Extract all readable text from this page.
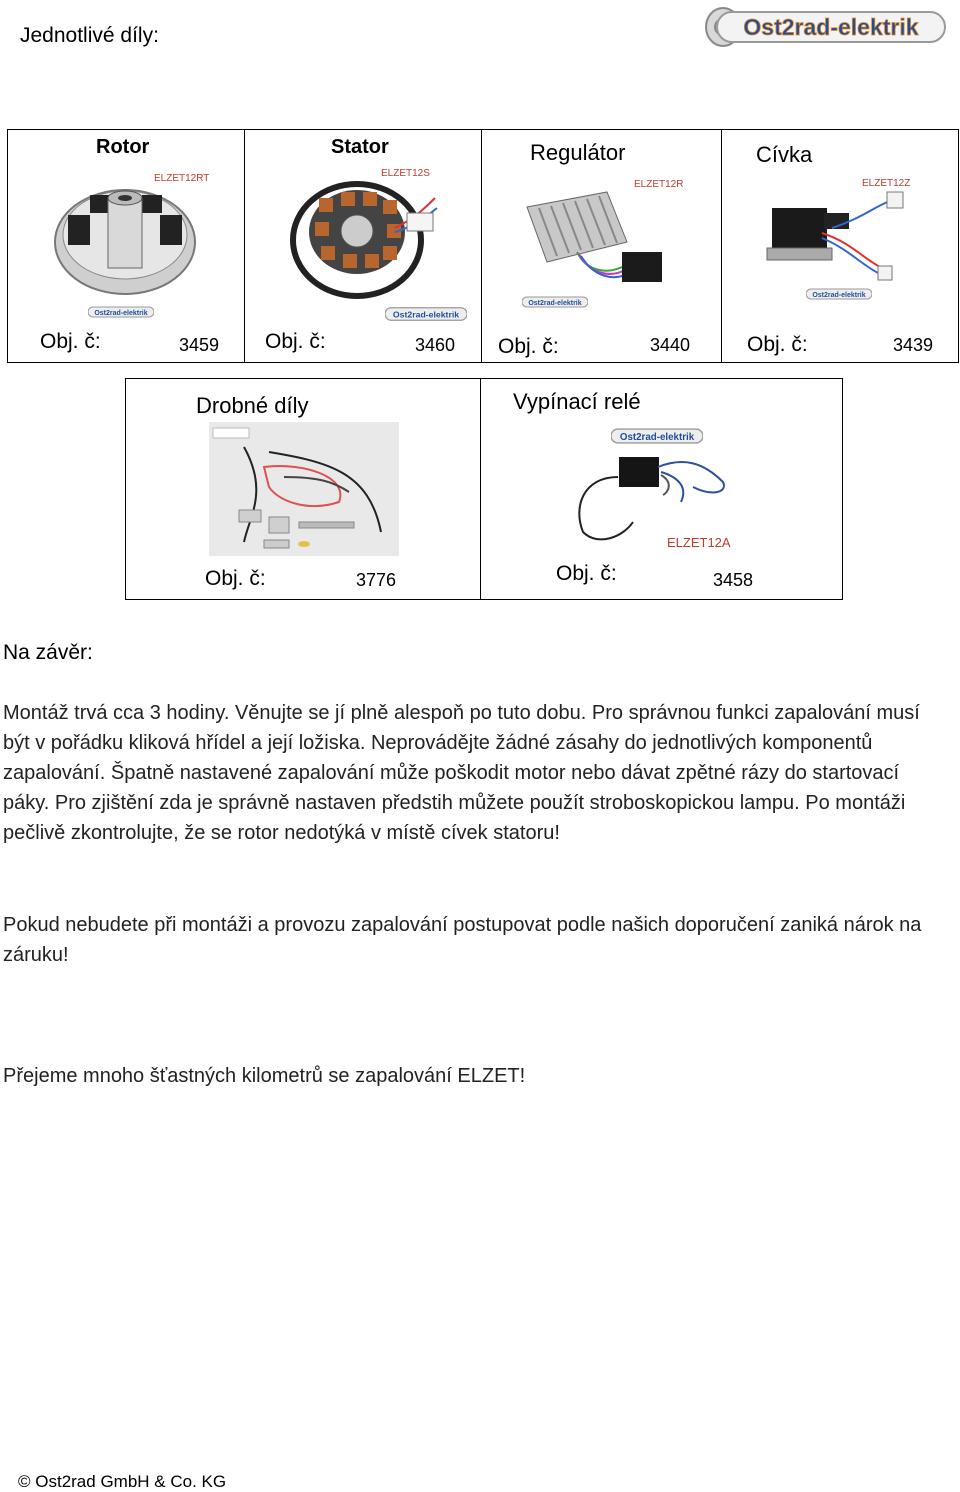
Jednotlivé díly:	Ost2rad-elektrik
Rotor
ELZET12RT
Ost2rad-elektrik
Obj. č:	3459
Stator
ELZET12S
Ost2rad-elektrik
Obj. č:	3460
Regulátor
ELZET12R
Ost2rad-elektrik
Obj. č:	3440
Cívka
ELZET12Z
Ost2rad-elektrik
Obj. č:	3439
Drobné díly
Obj. č:	3776
Vypínací relé
Ost2rad-elektrik
ELZET12A
Obj. č:	3458
Na závěr:
Montáž trvá cca 3 hodiny. Věnujte se jí plně alespoň po tuto dobu. Pro správnou funkci zapalování musí být v pořádku kliková hřídel a její ložiska. Neprovádějte žádné zásahy do jednotlivých komponentů zapalování. Špatně nastavené zapalování může poškodit motor nebo dávat zpětné rázy do startovací páky. Pro zjištění zda je správně nastaven předstih můžete použít stroboskopickou lampu. Po montáži pečlivě zkontrolujte, že se rotor nedotýká v místě cívek statoru!
Pokud nebudete při montáži a provozu zapalování postupovat podle našich doporučení zaniká nárok na záruku!
Přejeme mnoho šťastných kilometrů se zapalování ELZET!
© Ost2rad GmbH & Co. KG
